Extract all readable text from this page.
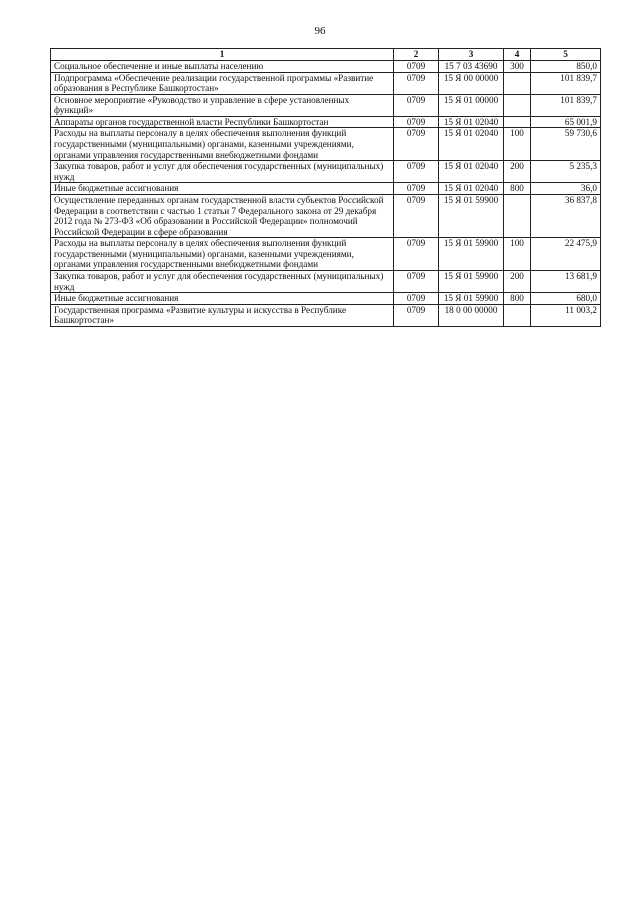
96
1	2	3	4	5
Социальное обеспечение и иные выплаты населению	0709	15 7 03 43690	300	850,0
Подпрограмма «Обеспечение реализации государственной программы «Развитие образования в Республике Башкортостан»	0709	15 Я 00 00000		101 839,7
Основное мероприятие «Руководство и управление в сфере установленных функций»	0709	15 Я 01 00000		101 839,7
Аппараты органов государственной власти Республики Башкортостан	0709	15 Я 01 02040		65 001,9
Расходы на выплаты персоналу в целях обеспечения выполнения функций государственными (муниципальными) органами, казенными учреждениями, органами управления государственными внебюджетными фондами	0709	15 Я 01 02040	100	59 730,6
Закупка товаров, работ и услуг для обеспечения государственных (муниципальных) нужд	0709	15 Я 01 02040	200	5 235,3
Иные бюджетные ассигнования	0709	15 Я 01 02040	800	36,0
Осуществление переданных органам государственной власти субъектов Российской Федерации в соответствии с частью 1 статьи 7 Федерального закона от 29 декабря 2012 года № 273-ФЗ «Об образовании в Российской Федерации» полномочий Российской Федерации в сфере образования	0709	15 Я 01 59900		36 837,8
Расходы на выплаты персоналу в целях обеспечения выполнения функций государственными (муниципальными) органами, казенными учреждениями, органами управления государственными внебюджетными фондами	0709	15 Я 01 59900	100	22 475,9
Закупка товаров, работ и услуг для обеспечения государственных (муниципальных) нужд	0709	15 Я 01 59900	200	13 681,9
Иные бюджетные ассигнования	0709	15 Я 01 59900	800	680,0
Государственная программа «Развитие культуры и искусства в Республике Башкортостан»	0709	18 0 00 00000		11 003,2
